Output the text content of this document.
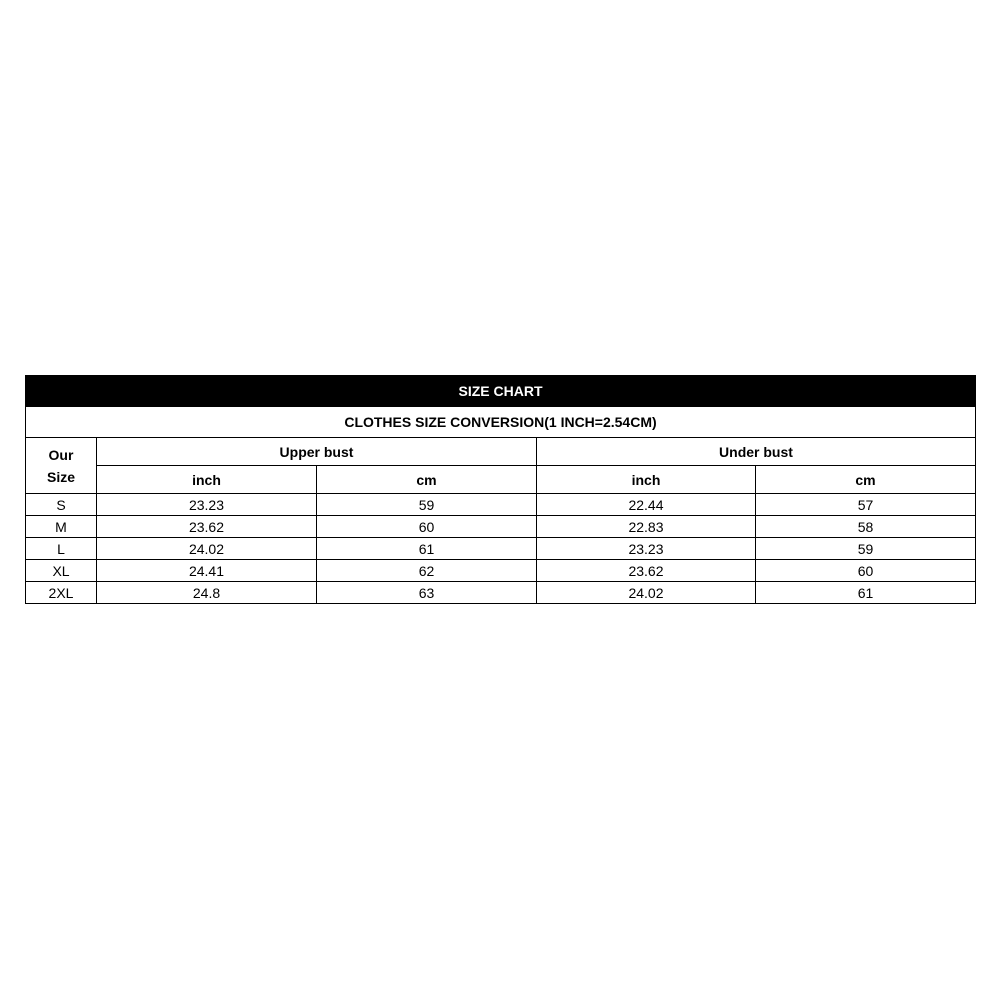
SIZE CHART				
CLOTHES SIZE CONVERSION(1 INCH=2.54CM)				

Our
Size	Upper bust		Under bust	
	inch	cm	inch	cm
S	23.23	59	22.44	57
M	23.62	60	22.83	58
L	24.02	61	23.23	59
XL	24.41	62	23.62	60
2XL	24.8	63	24.02	61
